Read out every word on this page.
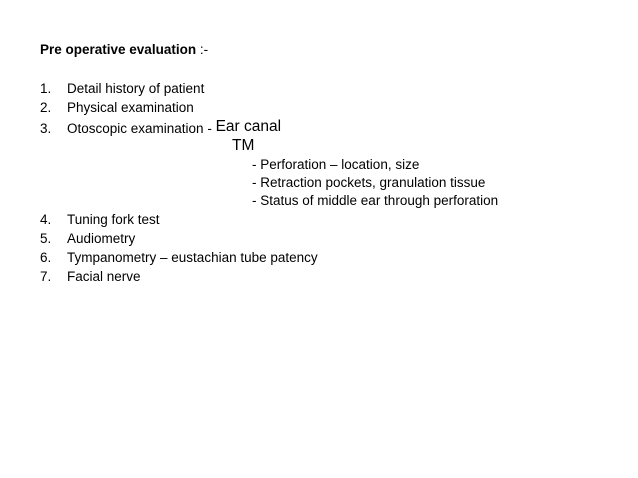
Pre operative evaluation :-
1.	Detail history of patient
2.	Physical examination
3.	Otoscopic examination - Ear canal
TM
- Perforation – location, size
- Retraction pockets, granulation tissue
- Status of middle ear through perforation
4.	Tuning fork test
5.	Audiometry
6.	Tympanometry – eustachian tube patency
7.	Facial nerve
